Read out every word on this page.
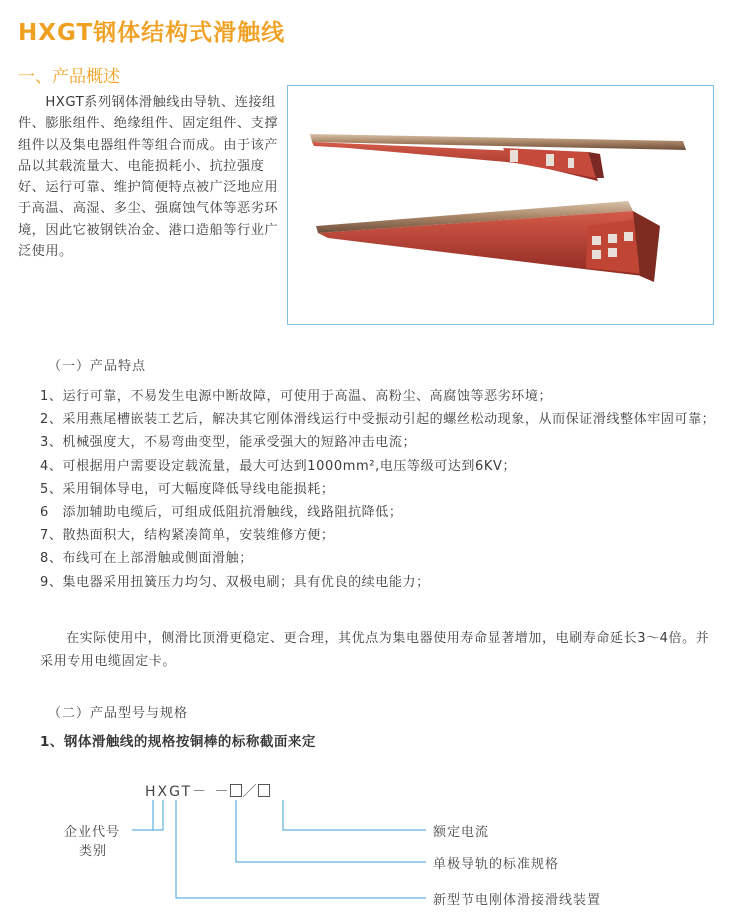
HXGT钢体结构式滑触线
一、产品概述
　　HXGT系列钢体滑触线由导轨、连接组件、膨胀组件、绝缘组件、固定组件、支撑组件以及集电器组件等组合而成。由于该产品以其载流量大、电能损耗小、抗拉强度好、运行可靠、维护简便特点被广泛地应用于高温、高湿、多尘、强腐蚀气体等恶劣环境，因此它被钢铁冶金、港口造船等行业广泛使用。
（一）产品特点
1、运行可靠，不易发生电源中断故障，可使用于高温、高粉尘、高腐蚀等恶劣环境；
2、采用燕尾槽嵌装工艺后，解决其它刚体滑线运行中受振动引起的螺丝松动现象，从而保证滑线整体牢固可靠；
3、机械强度大，不易弯曲变型，能承受强大的短路冲击电流；
4、可根据用户需要设定载流量，最大可达到1000mm²,电压等级可达到6KV；
5、采用铜体导电，可大幅度降低导线电能损耗；
6　添加辅助电缆后，可组成低阻抗滑触线，线路阻抗降低；
7、散热面积大，结构紧凑简单，安装维修方便；
8、布线可在上部滑触或侧面滑触；
9、集电器采用扭簧压力均匀、双极电刷；具有优良的续电能力；
在实际使用中，侧滑比顶滑更稳定、更合理，其优点为集电器使用寿命显著增加，电刷寿命延长3～4倍。并采用专用电缆固定卡。
（二）产品型号与规格
1、钢体滑触线的规格按铜棒的标称截面来定
HXGT－ － ／
企业代号
类别
额定电流
单极导轨的标准规格
新型节电刚体滑接滑线装置
